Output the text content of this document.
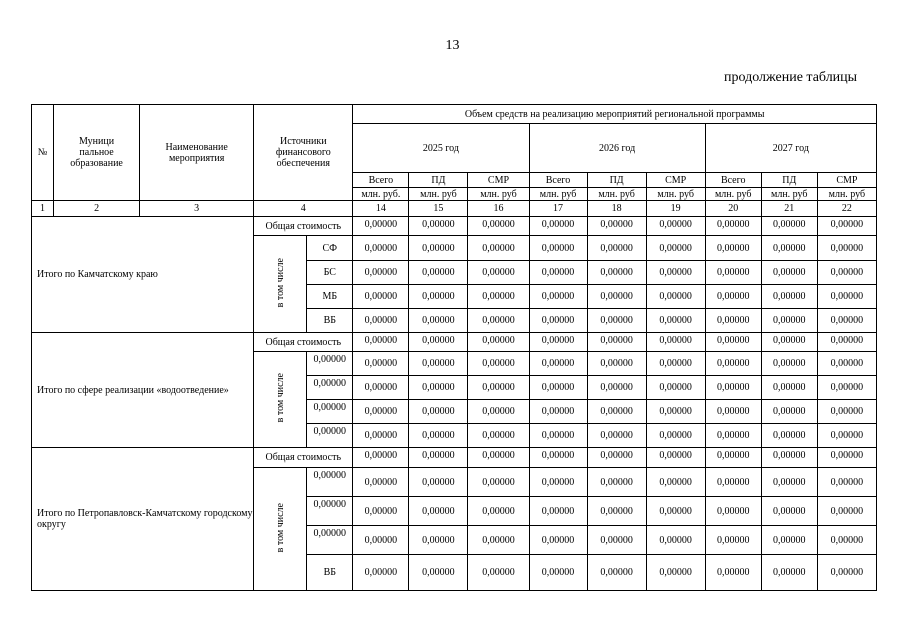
13
продолжение таблицы
№	Муници
пальное
образование	Наименование
мероприятия	Источники
финансового
обеспечения		Объем средств на реализацию мероприятий региональной программы								
					2025 год			2026 год			2027 год		
					Всего	ПД	СМР	Всего	ПД	СМР	Всего	ПД	СМР
					млн. руб.	млн. руб	млн. руб	млн. руб	млн. руб	млн. руб	млн. руб	млн. руб	млн. руб
1	2	3	4		14	15	16	17	18	19	20	21	22
Итого по Камчатскому краю			Общая стоимость		0,00000	0,00000	0,00000	0,00000	0,00000	0,00000	0,00000	0,00000	0,00000
			в том числе	СФ	0,00000	0,00000	0,00000	0,00000	0,00000	0,00000	0,00000	0,00000	0,00000
				БС	0,00000	0,00000	0,00000	0,00000	0,00000	0,00000	0,00000	0,00000	0,00000
				МБ	0,00000	0,00000	0,00000	0,00000	0,00000	0,00000	0,00000	0,00000	0,00000
				ВБ	0,00000	0,00000	0,00000	0,00000	0,00000	0,00000	0,00000	0,00000	0,00000
Итого по сфере реализации «водоотведение»			Общая стоимость		0,00000	0,00000	0,00000	0,00000	0,00000	0,00000	0,00000	0,00000	0,00000
			в том числе	0,00000	0,00000	0,00000	0,00000	0,00000	0,00000	0,00000	0,00000	0,00000	0,00000
				0,00000	0,00000	0,00000	0,00000	0,00000	0,00000	0,00000	0,00000	0,00000	0,00000
				0,00000	0,00000	0,00000	0,00000	0,00000	0,00000	0,00000	0,00000	0,00000	0,00000
				0,00000	0,00000	0,00000	0,00000	0,00000	0,00000	0,00000	0,00000	0,00000	0,00000
Итого по Петропавловск-Камчатскому городскому округу			Общая стоимость		0,00000	0,00000	0,00000	0,00000	0,00000	0,00000	0,00000	0,00000	0,00000
			в том числе	0,00000	0,00000	0,00000	0,00000	0,00000	0,00000	0,00000	0,00000	0,00000	0,00000
				0,00000	0,00000	0,00000	0,00000	0,00000	0,00000	0,00000	0,00000	0,00000	0,00000
				0,00000	0,00000	0,00000	0,00000	0,00000	0,00000	0,00000	0,00000	0,00000	0,00000
				ВБ	0,00000	0,00000	0,00000	0,00000	0,00000	0,00000	0,00000	0,00000	0,00000
